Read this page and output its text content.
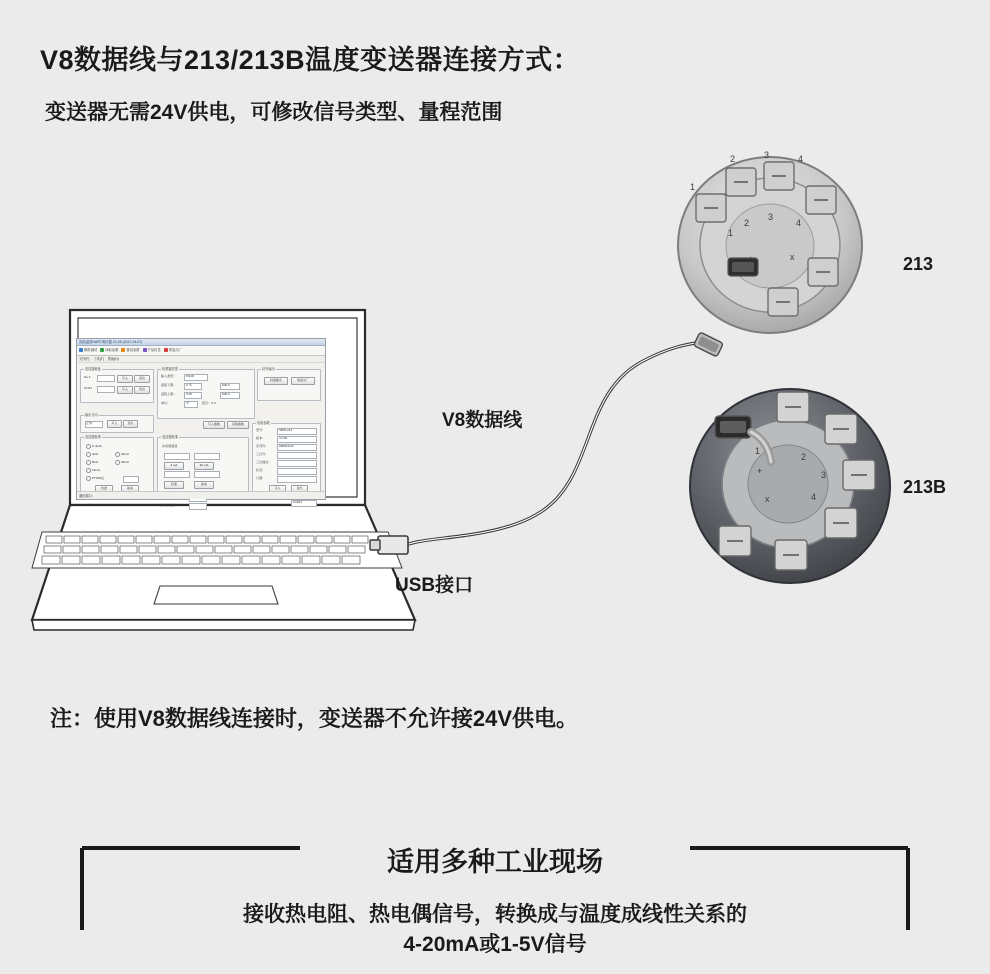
V8数据线与213/213B温度变送器连接方式：
变送器无需24V供电，可修改信号类型、量程范围
注：使用V8数据线连接时，变送器不允许接24V供电。
智能温度HART调试器 V1.05 (2017-04-07)
联机测试 读取参数 重设参数 产品信息 恢复出厂
文件(F) 工具(T) 帮助(H)
变送器地址
No.1	写入	读出
CH41	写入	读出
传感器类型
输入类型：	Pt100
量程下限：	0 ℃	600.0
量程上限：	0.00	600.0
单位：	℃	阻尼：0.0
信号输出
校准输出	恢复出厂
写入参数	读取参数
输出方向
正向	写入	读出
变送器校准
0 -3mA
4mA
8mA
12mA
16mA
20mA
PT/DN点
校准	取消
变送器校准
实时测量值
4 mA	20 mA
校准	取消
设备参数
型号：	SBW-213
版本：	V1.05
序列号：	000016-01
工位号：
工位描述：
标签：
日期：
写入	读出
当前电流值：
COM1
通讯端口：
2	3	4
1
2
3
4
1
+	x
2
3
4
+
x
1
213
213B
V8数据线
USB接口
适用多种工业现场
接收热电阻、热电偶信号，转换成与温度成线性关系的
4-20mA或1-5V信号
